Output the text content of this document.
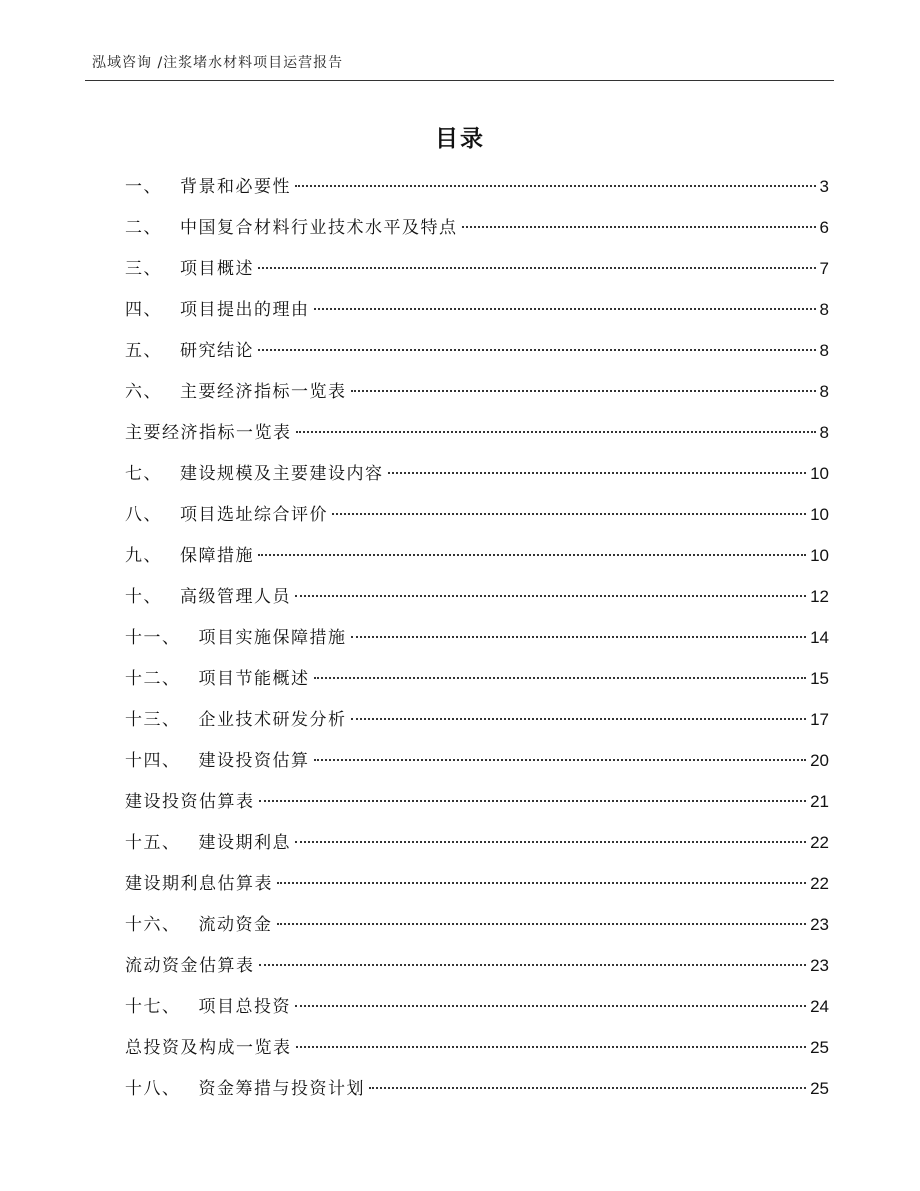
泓域咨询 /注浆堵水材料项目运营报告
目录
一、 背景和必要性	3
二、 中国复合材料行业技术水平及特点	6
三、 项目概述	7
四、 项目提出的理由	8
五、 研究结论	8
六、 主要经济指标一览表	8
主要经济指标一览表	8
七、 建设规模及主要建设内容	10
八、 项目选址综合评价	10
九、 保障措施	10
十、 高级管理人员	12
十一、 项目实施保障措施	14
十二、 项目节能概述	15
十三、 企业技术研发分析	17
十四、 建设投资估算	20
建设投资估算表	21
十五、 建设期利息	22
建设期利息估算表	22
十六、 流动资金	23
流动资金估算表	23
十七、 项目总投资	24
总投资及构成一览表	25
十八、 资金筹措与投资计划	25
